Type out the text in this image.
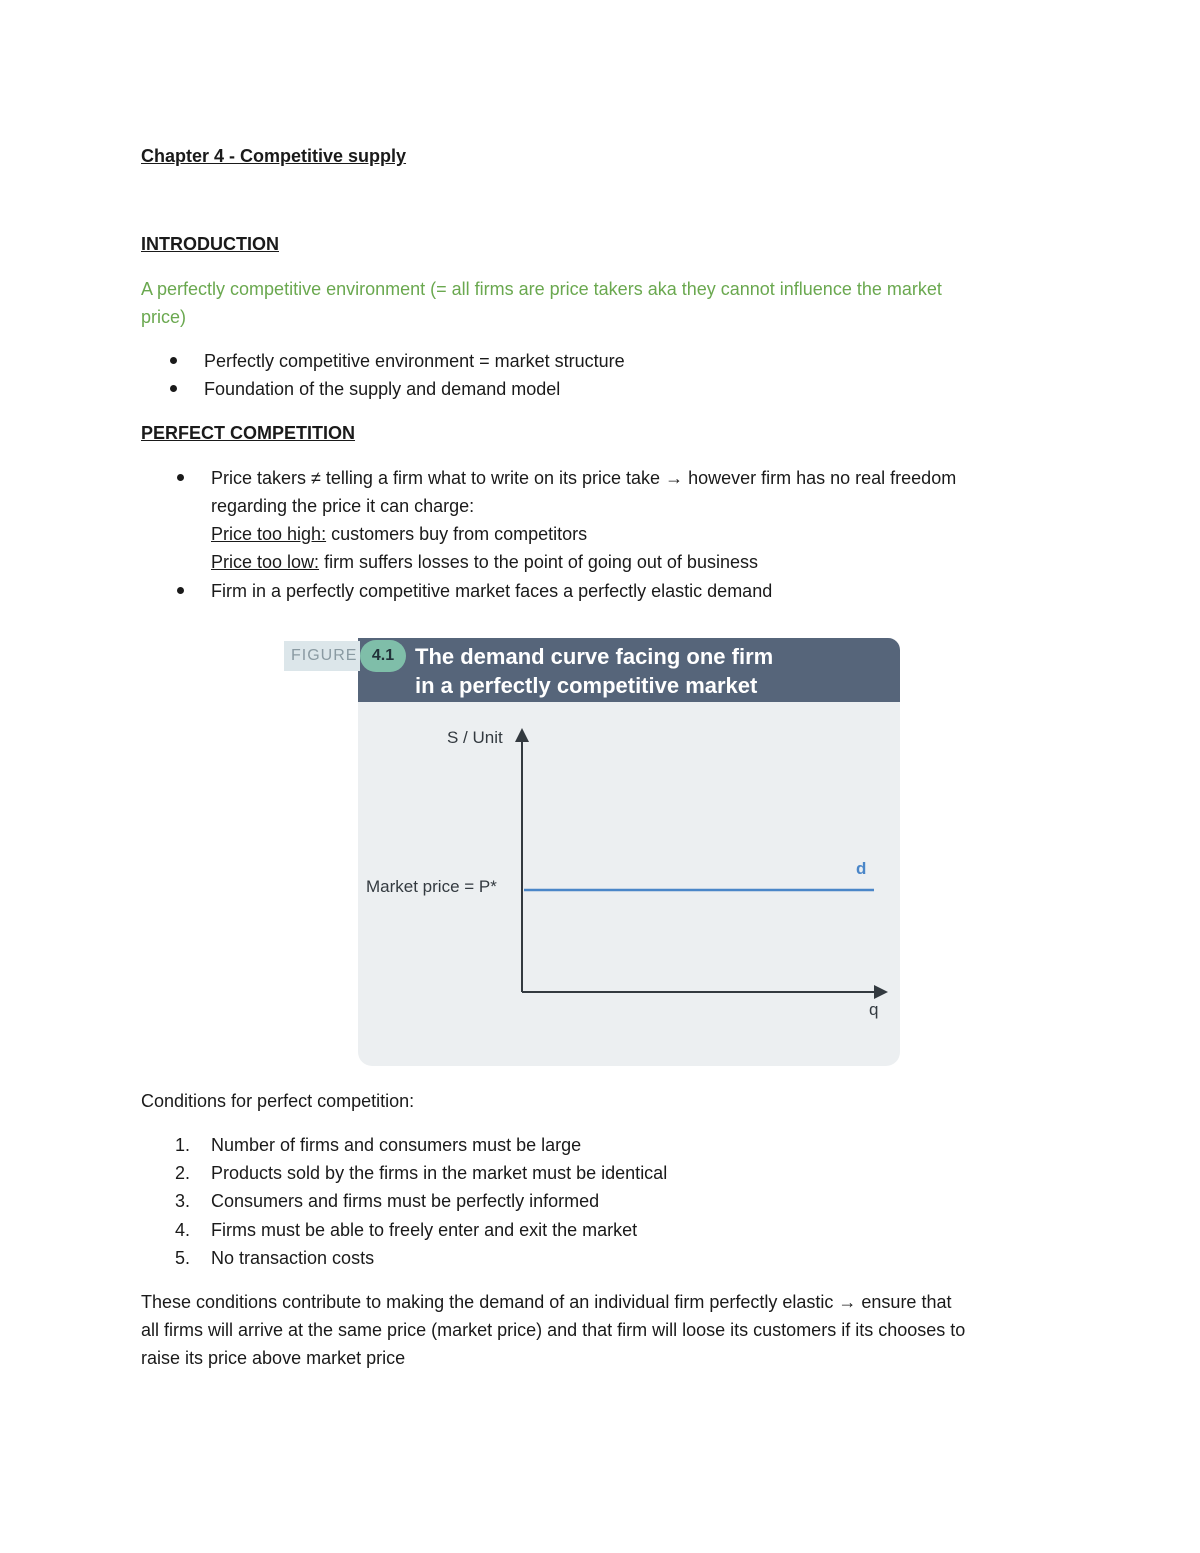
Chapter 4 - Competitive supply
INTRODUCTION
A perfectly competitive environment (= all firms are price takers aka they cannot influence the market
price)
Perfectly competitive environment = market structure
Foundation of the supply and demand model
PERFECT COMPETITION
Price takers ≠ telling a firm what to write on its price take → however firm has no real freedom
regarding the price it can charge:
Price too high: customers buy from competitors
Price too low: firm suffers losses to the point of going out of business
Firm in a perfectly competitive market faces a perfectly elastic demand
FIGURE 4.1 The demand curve facing one firm
in a perfectly competitive market
S / Unit
Market price = P*
d
q
Conditions for perfect competition:
1. Number of firms and consumers must be large
2. Products sold by the firms in the market must be identical
3. Consumers and firms must be perfectly informed
4. Firms must be able to freely enter and exit the market
5. No transaction costs
These conditions contribute to making the demand of an individual firm perfectly elastic → ensure that
all firms will arrive at the same price (market price) and that firm will loose its customers if its chooses to
raise its price above market price
